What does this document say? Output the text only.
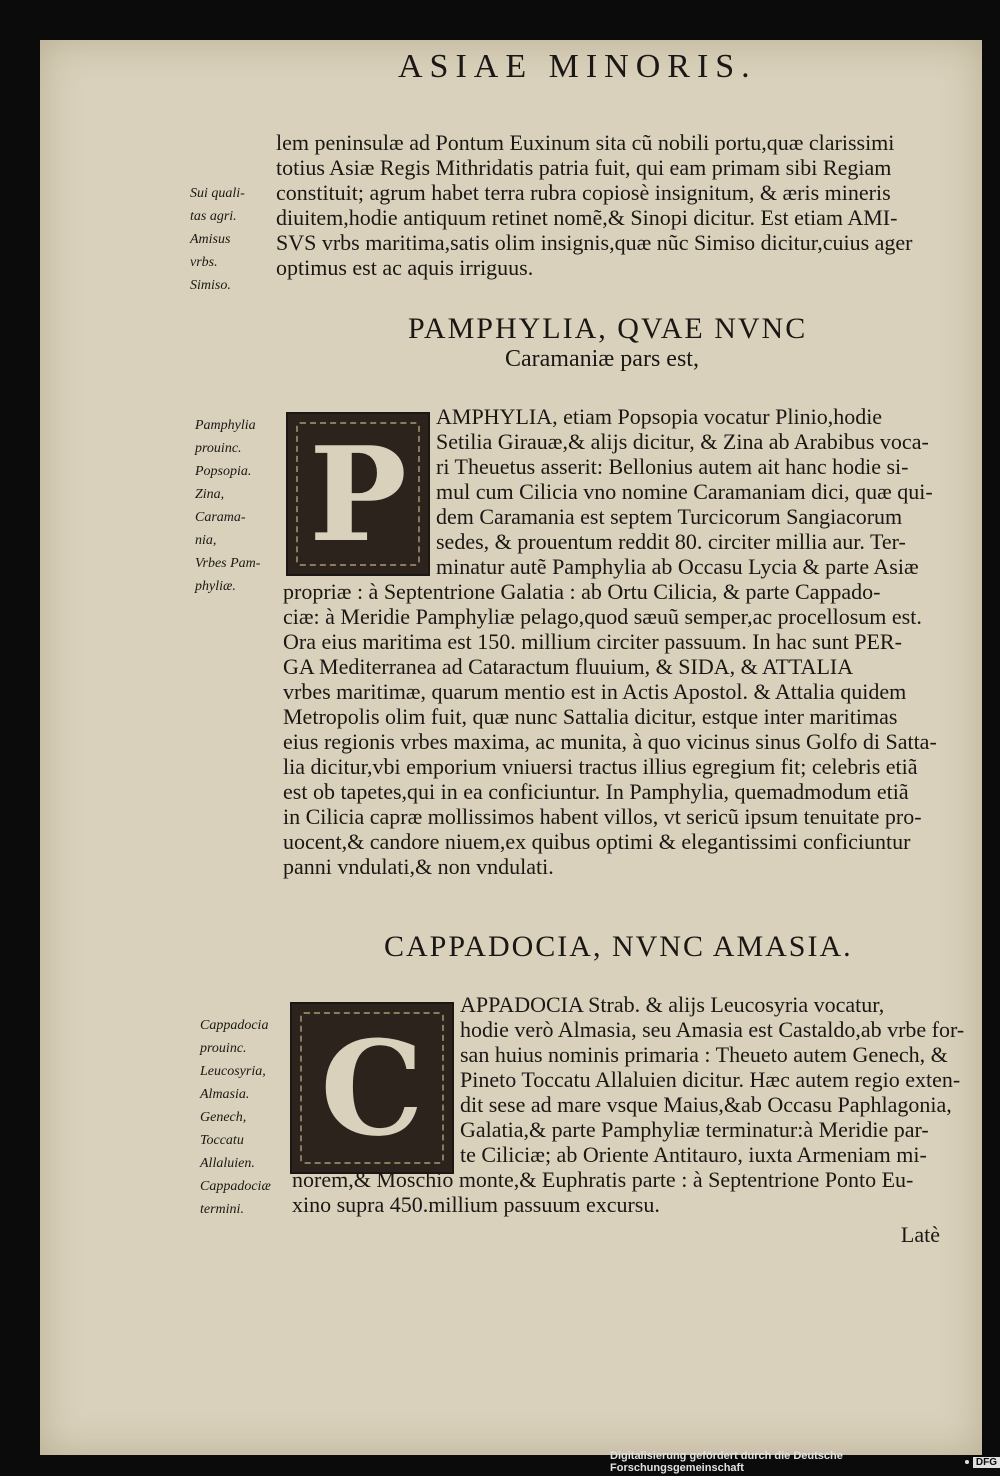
ASIAE MINORIS.
Sui quali-
tas agri.
Amisus
vrbs.
Simiso.
lem peninsulæ ad Pontum Euxinum sita cũ nobili portu,quæ clarissimi
totius Asiæ Regis Mithridatis patria fuit, qui eam primam sibi Regiam
constituit; agrum habet terra rubra copiosè insignitum, & æris mineris
diuitem,hodie antiquum retinet nomẽ,& Sinopi dicitur. Est etiam AMI-
SVS vrbs maritima,satis olim insignis,quæ nũc Simiso dicitur,cuius ager
optimus est ac aquis irriguus.
PAMPHYLIA, QVAE NVNC
Caramaniæ pars est,
Pamphylia
prouinc.
Popsopia.
Zina,
Carama-
nia,
Vrbes Pam-
phyliæ.
P
AMPHYLIA, etiam Popsopia vocatur Plinio,hodie
Setilia Girauæ,& alijs dicitur, & Zina ab Arabibus voca-
ri Theuetus asserit: Bellonius autem ait hanc hodie si-
mul cum Cilicia vno nomine Caramaniam dici, quæ qui-
dem Caramania est septem Turcicorum Sangiacorum
sedes, & prouentum reddit 80. circiter millia aur. Ter-
minatur autẽ Pamphylia ab Occasu Lycia & parte Asiæ
propriæ : à Septentrione Galatia : ab Ortu Cilicia, & parte Cappado-
ciæ: à Meridie Pamphyliæ pelago,quod sæuũ semper,ac procellosum est.
Ora eius maritima est 150. millium circiter passuum. In hac sunt PER-
GA Mediterranea ad Cataractum fluuium, & SIDA, & ATTALIA
vrbes maritimæ, quarum mentio est in Actis Apostol. & Attalia quidem
Metropolis olim fuit, quæ nunc Sattalia dicitur, estque inter maritimas
eius regionis vrbes maxima, ac munita, à quo vicinus sinus Golfo di Satta-
lia dicitur,vbi emporium vniuersi tractus illius egregium fit; celebris etiã
est ob tapetes,qui in ea conficiuntur. In Pamphylia, quemadmodum etiã
in Cilicia capræ mollissimos habent villos, vt sericũ ipsum tenuitate pro-
uocent,& candore niuem,ex quibus optimi & elegantissimi conficiuntur
panni vndulati,& non vndulati.
CAPPADOCIA, NVNC AMASIA.
Cappadocia
prouinc.
Leucosyria,
Almasia.
Genech,
Toccatu
Allaluien.
Cappadociæ
termini.
C
APPADOCIA Strab. & alijs Leucosyria vocatur,
hodie verò Almasia, seu Amasia est Castaldo,ab vrbe for-
san huius nominis primaria : Theueto autem Genech, &
Pineto Toccatu Allaluien dicitur. Hæc autem regio exten-
dit sese ad mare vsque Maius,&ab Occasu Paphlagonia,
Galatia,& parte Pamphyliæ terminatur:à Meridie par-
te Ciliciæ; ab Oriente Antitauro, iuxta Armeniam mi-
norem,& Moschio monte,& Euphratis parte : à Septentrione Ponto Eu-
xino supra 450.millium passuum excursu.
Latè
Digitalisierung gefördert durch die Deutsche Forschungsgemeinschaft	DFG
